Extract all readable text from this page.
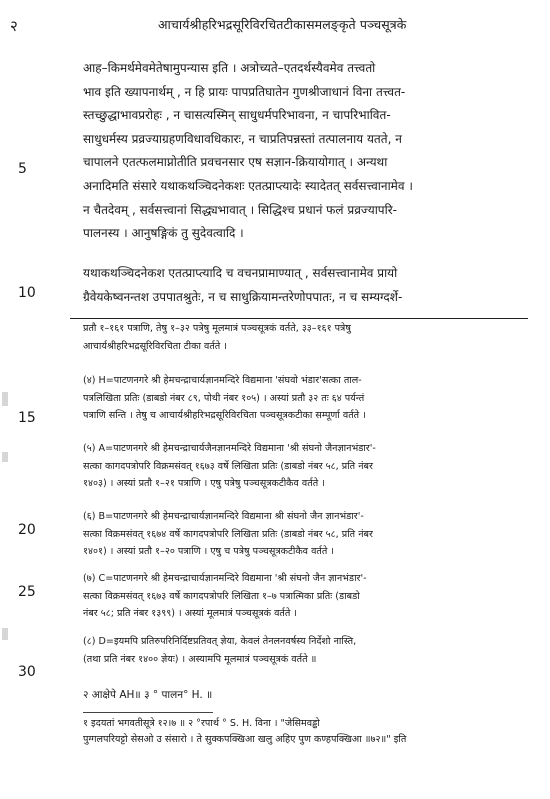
२	आचार्यश्रीहरिभद्रसूरिविरचितटीकासमलङ्कृते पञ्चसूत्रके
5
10
15
20
25
30
आह–किमर्थमेवमेतेषामुपन्यास इति । अत्रोच्यते–एतदर्थस्यैवमेव तत्त्वतो
भाव इति ख्यापनार्थम् , न हि प्रायः पापप्रतिघातेन गुणश्रीजाधानं विना तत्त्वत-
स्तच्छुद्धाभावप्ररोहः , न चासत्यस्मिन् साधुधर्मपरिभावना, न चापरिभावित-
साधुधर्मस्य प्रव्रज्याग्रहणविधावधिकारः, न चाप्रतिपन्नस्तां तत्पालनाय यतते, न
चापालने एतत्फलमाप्नोतीति प्रवचनसार एष सज्ञान-क्रियायोगात् । अन्यथा
अनादिमति संसारे यथाकथञ्चिदनेकशः एतत्प्राप्त्यादेः स्यादेतत् सर्वसत्त्वानामेव ।
न चैतदेवम् , सर्वसत्त्वानां सिद्ध्यभावात् । सिद्धिश्च प्रधानं फलं प्रव्रज्यापरि-
पालनस्य । आनुषङ्गिकं तु सुदेवत्वादि ।
यथाकथञ्चिदनेकश एतत्प्राप्त्यादि च वचनप्रामाण्यात् , सर्वसत्त्वानामेव प्रायो
ग्रैवेयकेष्वनन्तश उपपातश्रुतेः, न च साधुक्रियामन्तरेणोपपातः, न च सम्यग्दर्शे-
प्रतौ १–१६१ पत्राणि, तेषु १–३२ पत्रेषु मूलमात्रं पञ्चसूत्रकं वर्तते, ३३–१६१ पत्रेषु
आचार्यश्रीहरिभद्रसूरिविरचिता टीका वर्तते ।
(४) H=पाटणनगरे श्री हेमचन्द्राचार्यज्ञानमन्दिरे विद्यमाना 'संघवो भंडार'सत्का ताल-
पत्रलिखिता प्रतिः (डाबडो नंबर ८९, पोथी नंबर १०५) । अस्यां प्रतौ ३२ तः ६४ पर्यन्तं
पत्राणि सन्ति । तेषु च आचार्यश्रीहरिभद्रसूरिविरचिता पञ्चसूत्रकटीका सम्पूर्णा वर्तते ।
(५) A=पाटणनगरे श्री हेमचन्द्राचार्यजैनज्ञानमन्दिरे विद्यमाना 'श्री संघनो जैनज्ञानभंडार'-
सत्का कागदपत्रोपरि विक्रमसंवत् १६७३ वर्षे लिखिता प्रतिः (डाबडो नंबर ५८, प्रति नंबर
१४०३) । अस्यां प्रतौ १–२१ पत्राणि । एषु पत्रेषु पञ्चसूत्रकटीकैव वर्तते ।
(६) B=पाटणनगरे श्री हेमचन्द्राचार्यज्ञानमन्दिरे विद्यमाना श्री संघनो जैन ज्ञानभंडार'-
सत्का विक्रमसंवत् १६७४ वर्षे कागदपत्रोपरि लिखिता प्रतिः (डाबडो नंबर ५८, प्रति नंबर
१४०१) । अस्यां प्रतौ १–२० पत्राणि । एषु च पत्रेषु पञ्चसूत्रकटीकैव वर्तते ।
(७) C=पाटणनगरे श्री हेमचन्द्राचार्यज्ञानमन्दिरे विद्यमाना 'श्री संघनो जैन ज्ञानभंडार'-
सत्का विक्रमसंवत् १६७३ वर्षे कागदपत्रोपरि लिखिता १–७ पत्रात्मिका प्रतिः (डाबडो
नंबर ५८; प्रति नंबर १३९९) । अस्यां मूलमात्रं पञ्चसूत्रकं वर्तते ।
(८) D=इयमपि प्रतिरुपरिनिर्दिष्टप्रतिवत् ज्ञेया, केवलं तेनलनवर्षस्य निर्देशो नास्ति,
(तथा प्रति नंबर १४०० ज्ञेयः) । अस्यामपि मूलमात्रं पञ्चसूत्रकं वर्तते ॥
२ आक्षेपे AH॥ ३ ° पालन° H. ॥
१ इदयतां भगवतीसूत्रे १२।७ ॥ २ °रपार्थ ° S. H. विना । "जेसिमवड्ढो
पुग्गलपरियट्टो सेसओ उ संसारो । ते सुक्कपक्खिआ खलु अहिए पुण कण्हपक्खिआ ॥७२॥" इति
